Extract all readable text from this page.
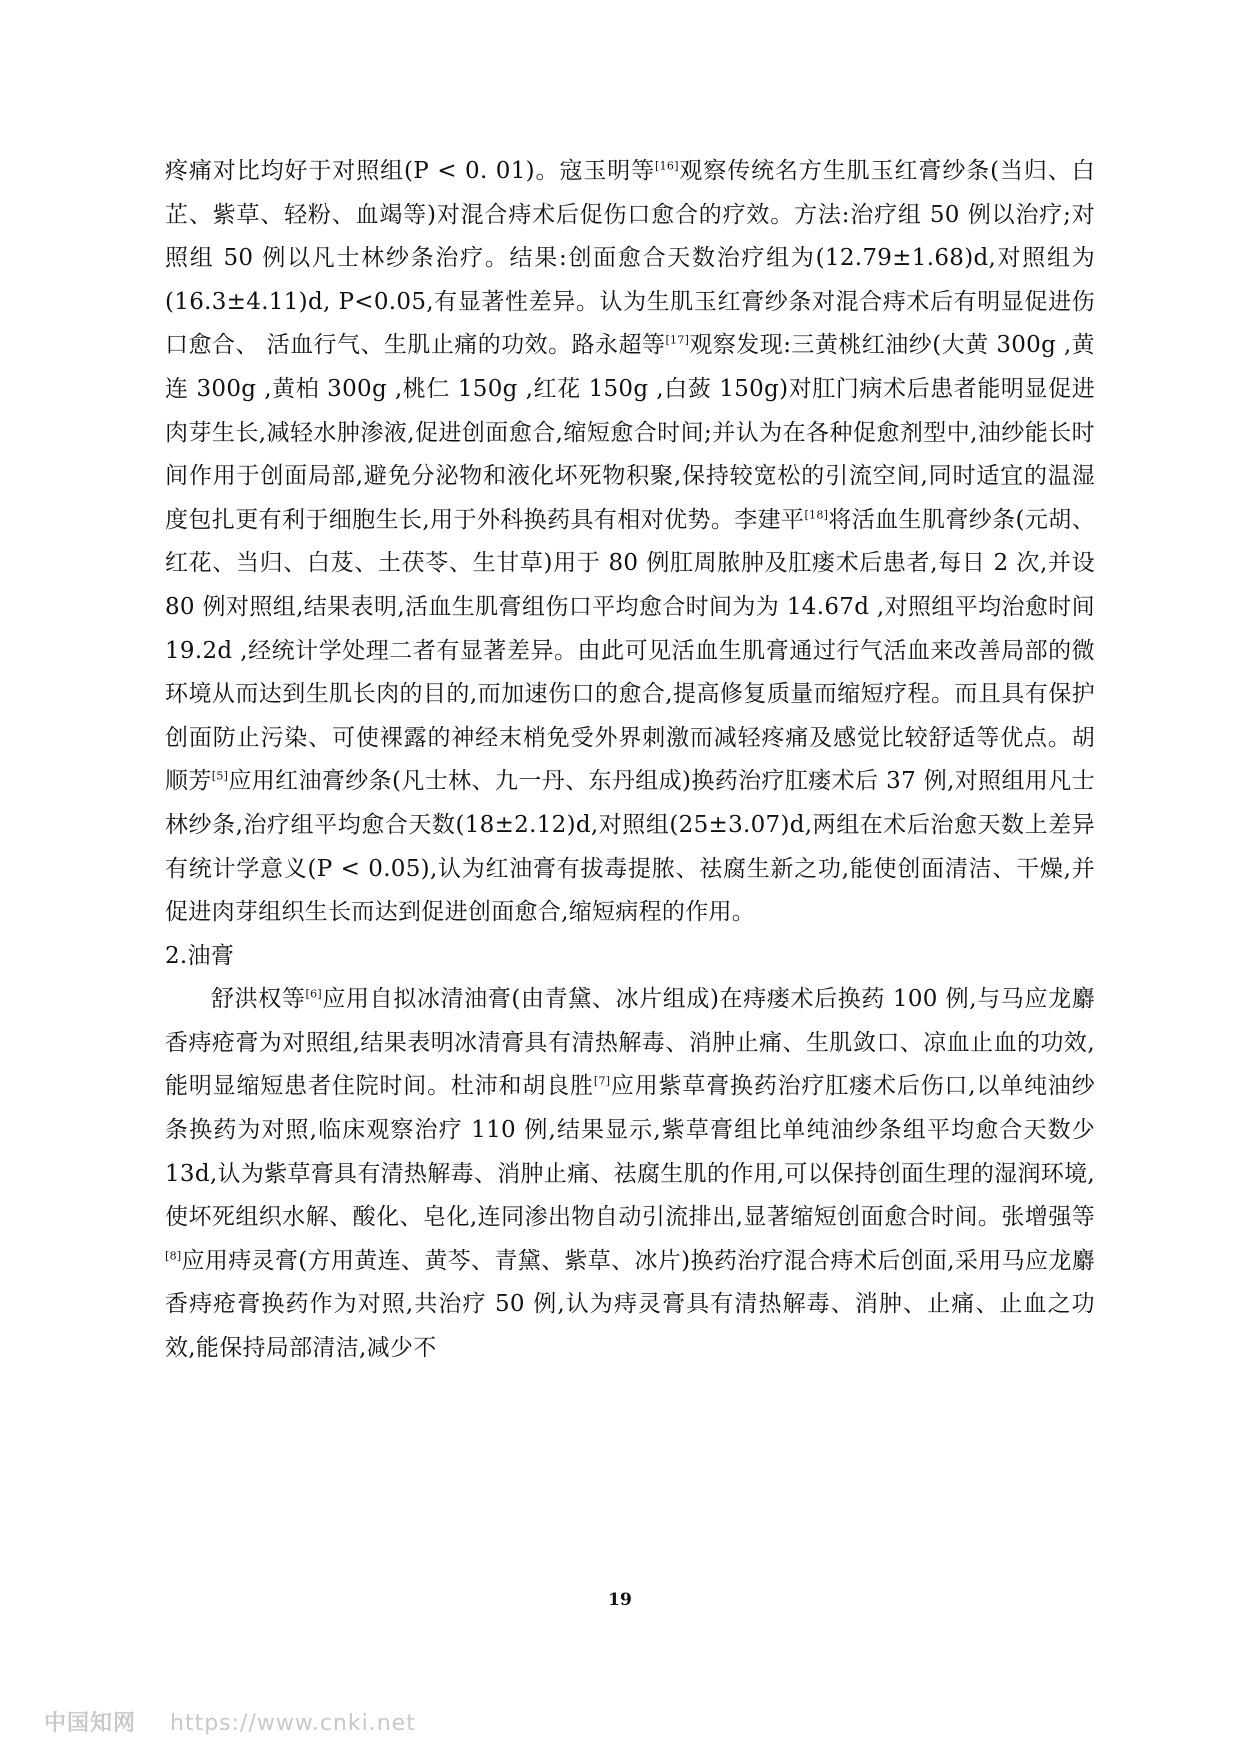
疼痛对比均好于对照组(P < 0. 01)。寇玉明等[16]观察传统名方生肌玉红膏纱条(当归、白芷、紫草、轻粉、血竭等)对混合痔术后促伤口愈合的疗效。方法:治疗组 50 例以治疗;对照组 50 例以凡士林纱条治疗。结果:创面愈合天数治疗组为(12.79±1.68)d,对照组为(16.3±4.11)d, P<0.05,有显著性差异。认为生肌玉红膏纱条对混合痔术后有明显促进伤口愈合、 活血行气、生肌止痛的功效。路永超等[17]观察发现:三黄桃红油纱(大黄 300g ,黄连 300g ,黄柏 300g ,桃仁 150g ,红花 150g ,白蔹 150g)对肛门病术后患者能明显促进肉芽生长,减轻水肿渗液,促进创面愈合,缩短愈合时间;并认为在各种促愈剂型中,油纱能长时间作用于创面局部,避免分泌物和液化坏死物积聚,保持较宽松的引流空间,同时适宜的温湿度包扎更有利于细胞生长,用于外科换药具有相对优势。李建平[18]将活血生肌膏纱条(元胡、红花、当归、白芨、土茯苓、生甘草)用于 80 例肛周脓肿及肛瘘术后患者,每日 2 次,并设 80 例对照组,结果表明,活血生肌膏组伤口平均愈合时间为为 14.67d ,对照组平均治愈时间 19.2d ,经统计学处理二者有显著差异。由此可见活血生肌膏通过行气活血来改善局部的微环境从而达到生肌长肉的目的,而加速伤口的愈合,提高修复质量而缩短疗程。而且具有保护创面防止污染、可使裸露的神经末梢免受外界刺激而减轻疼痛及感觉比较舒适等优点。胡顺芳[5]应用红油膏纱条(凡士林、九一丹、东丹组成)换药治疗肛瘘术后 37 例,对照组用凡士林纱条,治疗组平均愈合天数(18±2.12)d,对照组(25±3.07)d,两组在术后治愈天数上差异有统计学意义(P < 0.05),认为红油膏有拔毒提脓、祛腐生新之功,能使创面清洁、干燥,并促进肉芽组织生长而达到促进创面愈合,缩短病程的作用。

2.油膏

舒洪权等[6]应用自拟冰清油膏(由青黛、冰片组成)在痔瘘术后换药 100 例,与马应龙麝香痔疮膏为对照组,结果表明冰清膏具有清热解毒、消肿止痛、生肌敛口、凉血止血的功效,能明显缩短患者住院时间。杜沛和胡良胜[7]应用紫草膏换药治疗肛瘘术后伤口,以单纯油纱条换药为对照,临床观察治疗 110 例,结果显示,紫草膏组比单纯油纱条组平均愈合天数少 13d,认为紫草膏具有清热解毒、消肿止痛、祛腐生肌的作用,可以保持创面生理的湿润环境,使坏死组织水解、酸化、皂化,连同渗出物自动引流排出,显著缩短创面愈合时间。张增强等[8]应用痔灵膏(方用黄连、黄芩、青黛、紫草、冰片)换药治疗混合痔术后创面,采用马应龙麝香痔疮膏换药作为对照,共治疗 50 例,认为痔灵膏具有清热解毒、消肿、止痛、止血之功效,能保持局部清洁,减少不

19
中国知网 https://www.cnki.net
